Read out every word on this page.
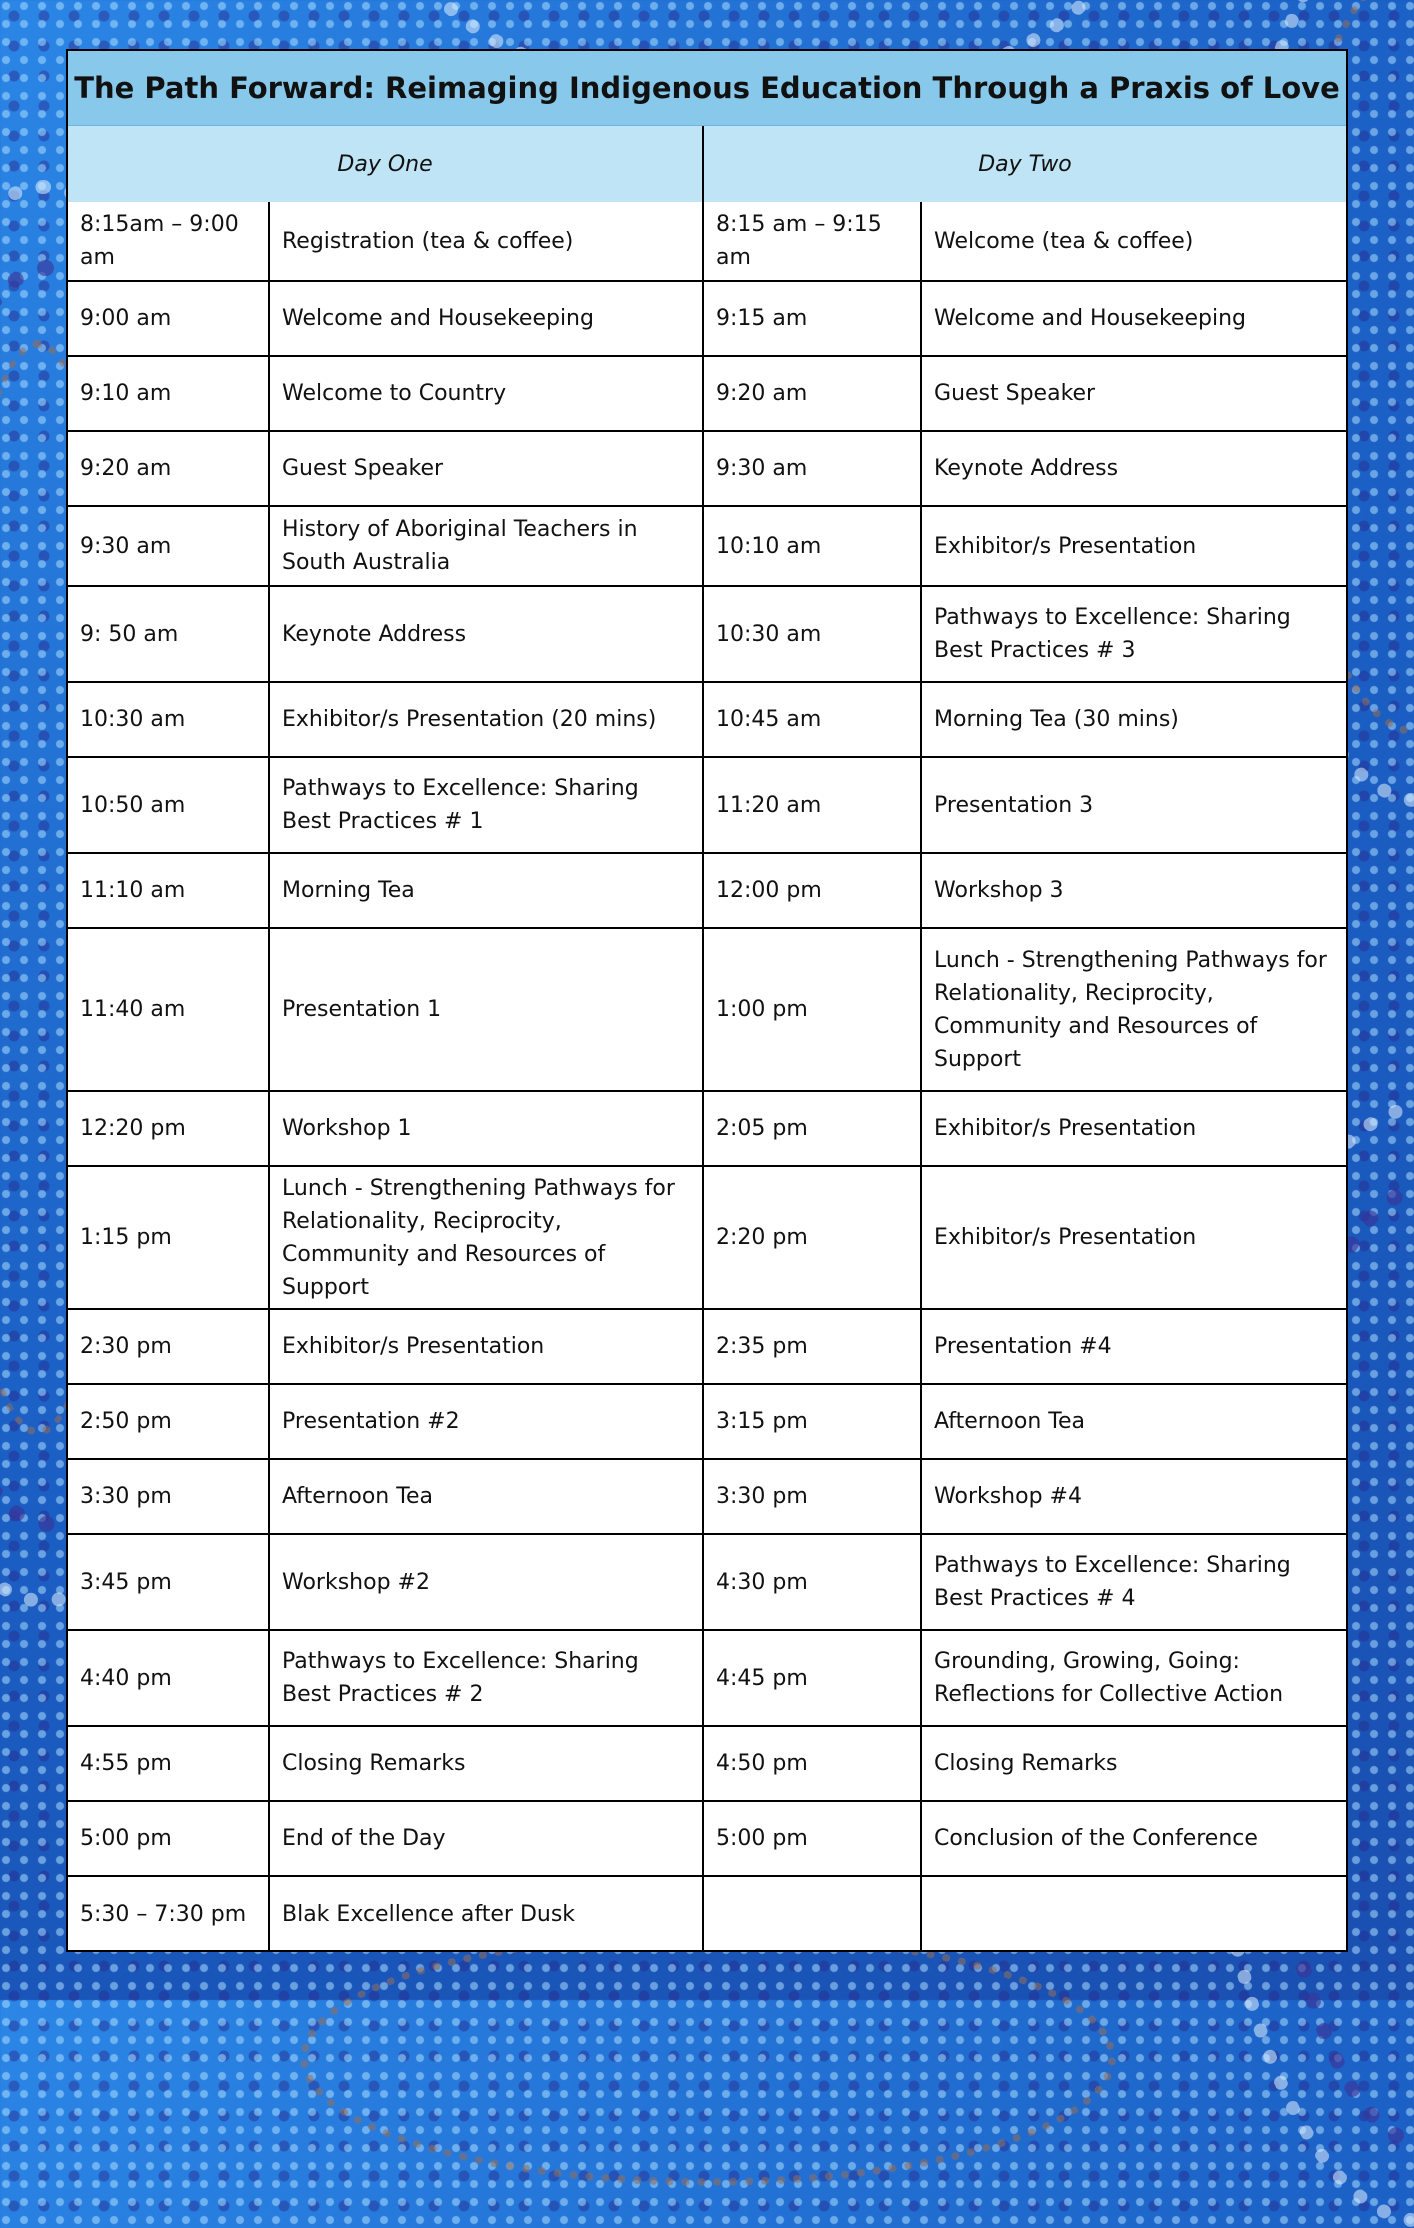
The Path Forward: Reimaging Indigenous Education Through a Praxis of Love
Day One		Day Two	
8:15am – 9:00 am	Registration (tea & coffee)	8:15 am – 9:15 am	Welcome (tea & coffee)
9:00 am	Welcome and Housekeeping	9:15 am	Welcome and Housekeeping
9:10 am	Welcome to Country	9:20 am	Guest Speaker
9:20 am	Guest Speaker	9:30 am	Keynote Address
9:30 am	History of Aboriginal Teachers in South Australia	10:10 am	Exhibitor/s Presentation
9: 50 am	Keynote Address	10:30 am	Pathways to Excellence: Sharing Best Practices # 3
10:30 am	Exhibitor/s Presentation (20 mins)	10:45 am	Morning Tea (30 mins)
10:50 am	Pathways to Excellence: Sharing Best Practices # 1	11:20 am	Presentation 3
11:10 am	Morning Tea	12:00 pm	Workshop 3
11:40 am	Presentation 1	1:00 pm	Lunch - Strengthening Pathways for Relationality, Reciprocity, Community and Resources of Support
12:20 pm	Workshop 1	2:05 pm	Exhibitor/s Presentation
1:15 pm	Lunch - Strengthening Pathways for Relationality, Reciprocity, Community and Resources of Support	2:20 pm	Exhibitor/s Presentation
2:30 pm	Exhibitor/s Presentation	2:35 pm	Presentation #4
2:50 pm	Presentation #2	3:15 pm	Afternoon Tea
3:30 pm	Afternoon Tea	3:30 pm	Workshop #4
3:45 pm	Workshop #2	4:30 pm	Pathways to Excellence: Sharing Best Practices # 4
4:40 pm	Pathways to Excellence: Sharing Best Practices # 2	4:45 pm	Grounding, Growing, Going: Reflections for Collective Action
4:55 pm	Closing Remarks	4:50 pm	Closing Remarks
5:00 pm	End of the Day	5:00 pm	Conclusion of the Conference
5:30 – 7:30 pm	Blak Excellence after Dusk		
